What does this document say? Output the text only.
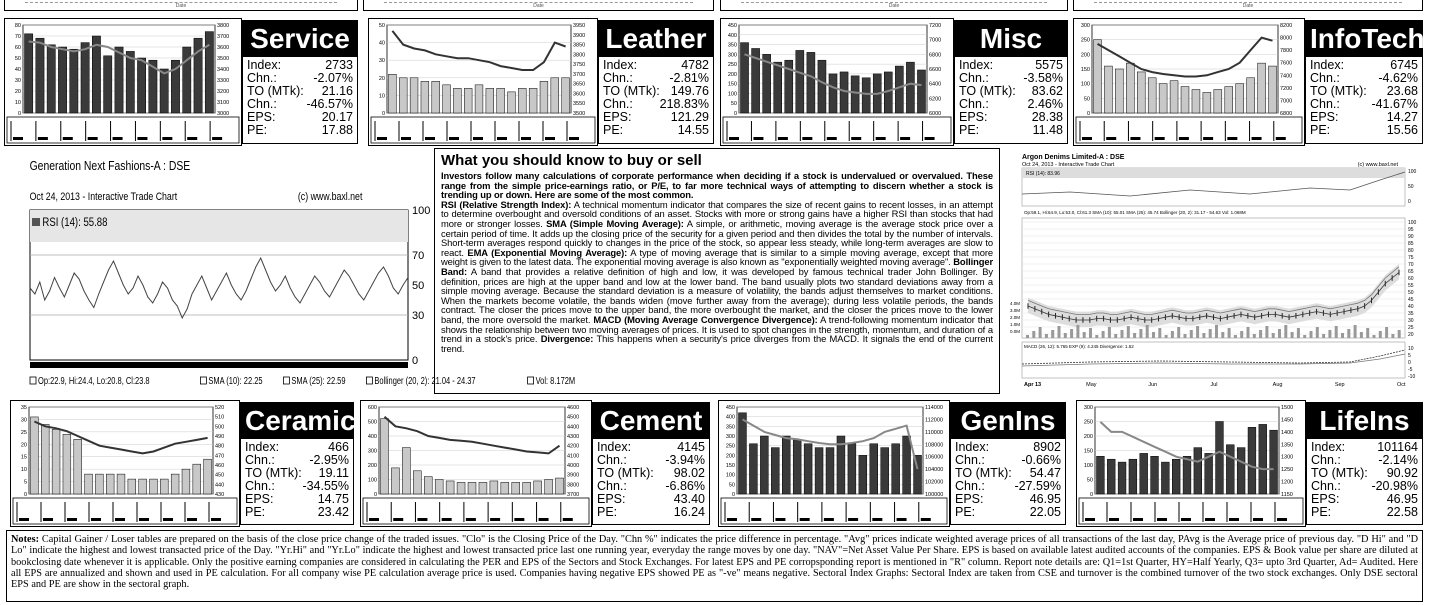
Date	Date	Date	Date
80
70
60
50
40
30
20
10
0
3800
3700
3600
3500
3400
3300
3200
3100
3000
Service
Index:	2733
Chn.:	-2.07%
TO (MTk): 21.16
Chn.: -46.57%
EPS:	20.17
PE:	17.88
50
40
30
20
10
0
3950
3900
3850
3800
3750
3700
3650
3600
3550
3500
Leather
Index:	4782
Chn.:	-2.81%
TO (MTk): 149.76
Chn.: 218.83%
EPS:	121.29
PE:	14.55
450
400
350
300
250
200
150
100
50
0
7200
7000
6800
6600
6400
6200
6000
Misc
Index:	5575
Chn.:	-3.58%
TO (MTk): 83.62
Chn.:	2.46%
EPS:	28.38
PE:	11.48
300
250
200
150
100
50
0
8200
8000
7800
7600
7400
7200
7000
6800
InfoTech
Index:	6745
Chn.:	-4.62%
TO (MTk): 23.68
Chn.:	-41.67%
EPS:	14.27
PE:	15.56
Generation Next Fashions-A : DSE
Oct 24, 2013 - Interactive Trade Chart	(c) www.baxl.net
RSI (14): 55.88
100
70
50
30
0
Op:22.9, Hi:24.4, Lo:20.8, Cl:23.8	SMA (10): 22.25	SMA (25): 22.59	Bollinger (20, 2): 21.04 - 24.37	Vol: 8.172M
What you should know to buy or sell

Investors follow many calculations of corporate performance when deciding if a stock is undervalued or overvalued. These range from the simple price-earnings ratio, or P/E, to far more technical ways of attempting to discern whether a stock is trending up or down. Here are some of the most common.
RSI (Relative Strength Index): A technical momentum indicator that compares the size of recent gains to recent losses, in an attempt to determine overbought and oversold conditions of an asset. Stocks with more or strong gains have a higher RSI than stocks that had more or stronger losses. SMA (Simple Moving Average): A simple, or arithmetic, moving average is the average stock price over a certain period of time. It adds up the closing price of the security for a given period and then divides the total by the number of intervals. Short-term averages respond quickly to changes in the price of the stock, so appear less steady, while long-term averages are slow to react. EMA (Exponential Moving Average): A type of moving average that is similar to a simple moving average, except that more weight is given to the latest data. The exponential moving average is also known as "exponentially weighted moving average". Bollinger Band: A band that provides a relative definition of high and low, it was developed by famous technical trader John Bollinger. By definition, prices are high at the upper band and low at the lower band. The band usually plots two standard deviations away from a simple moving average. Because the standard deviation is a measure of volatility, the bands adjust themselves to market conditions. When the markets become volatile, the bands widen (move further away from the average); during less volatile periods, the bands contract. The closer the prices move to the upper band, the more overbought the market, and the closer the prices move to the lower band, the more oversold the market. MACD (Moving Average Convergence Divergence): A trend-following momentum indicator that shows the relationship between two moving averages of prices. It is used to spot changes in the strength, momentum, and duration of a trend in a stock's price. Divergence: This happens when a security's price diverges from the MACD. It signals the end of the current trend.

Argon Denims Limited-A : DSE
Oct 24, 2013 - Interactive Trade Chart	(c) www.baxl.net
RSI (14): 83.96	100
50
0
Op:59.1, Hi:64.9, Lo:53.0, Cl:61.3 SMA (10): 55.01 SMA (25): 45.74 Bollinger (20, 2): 31.17 - 54.63 Vol: 1.068M
100
95
90
85
80
75
70
65
60
55
50
45
40
35
30
25
20
4.0M
3.0M
2.0M
1.0M
0.0M
MACD (26, 12): 5.765 EXP (9): 4.245 Divergence: 1.52	10
5
0
-5
-10
Apr 13	May	Jun	Jul	Aug	Sep	Oct
35
30
25
20
15
10
5
0
520
510
500
490
480
470
460
450
440
430
Ceramic
Index:	466
Chn.:	-2.95%
TO (MTk): 19.11
Chn.: -34.55%
EPS:	14.75
PE:	23.42
600
500
400
300
200
100
0
4600
4500
4400
4300
4200
4100
4000
3900
3800
3700
Cement
Index:	4145
Chn.:	-3.94%
TO (MTk): 98.02
Chn.:	-6.86%
EPS:	43.40
PE:	16.24
450
400
350
300
250
200
150
100
50
0
114000
112000
110000
108000
106000
104000
102000
100000
GenIns
Index:	8902
Chn.:	-0.66%
TO (MTk): 54.47
Chn.: -27.59%
EPS:	46.95
PE:	22.05
300
250
200
150
100
50
0
1500
1450
1400
1350
1300
1250
1200
1150
LifeIns
Index:	101164
Chn.:	-2.14%
TO (MTk): 90.92
Chn.: -20.98%
EPS:	46.95
PE:	22.58
Notes: Capital Gainer / Loser tables are prepared on the basis of the close price change of the traded issues. "Clo" is the Closing Price of the Day. "Chn %" indicates the price difference in percentage. "Avg" prices indicate weighted average prices of all transactions of the last day, PAvg is the Average price of previous day. "D Hi" and "D Lo" indicate the highest and lowest transacted price of the Day. "Yr.Hi" and "Yr.Lo" indicate the highest and lowest transacted price last one running year, everyday the range moves by one day. "NAV"=Net Asset Value Per Share. EPS is based on available latest audited accounts of the companies. EPS & Book value per share are diluted at bookclosing date whenever it is applicable. Only the positive earning companies are considered in calculating the PER and EPS of the Sectors and Stock Exchanges. For latest EPS and PE corropsponding report is mentioned in "R" column. Report note details are: Q1=1st Quarter, HY=Half Yearly, Q3= upto 3rd Quarter, Ad= Audited. Here all EPS are annualized and shown and used in PE calculation. For all company wise PE calculation average price is used. Companies having negative EPS showed PE as "-ve" means negative. Sectoral Index Graphs: Sectoral Index are taken from CSE and turnover is the combined turnover of the two stock exchanges. Only DSE sectoral EPS and PE are show in the sectoral graph.
